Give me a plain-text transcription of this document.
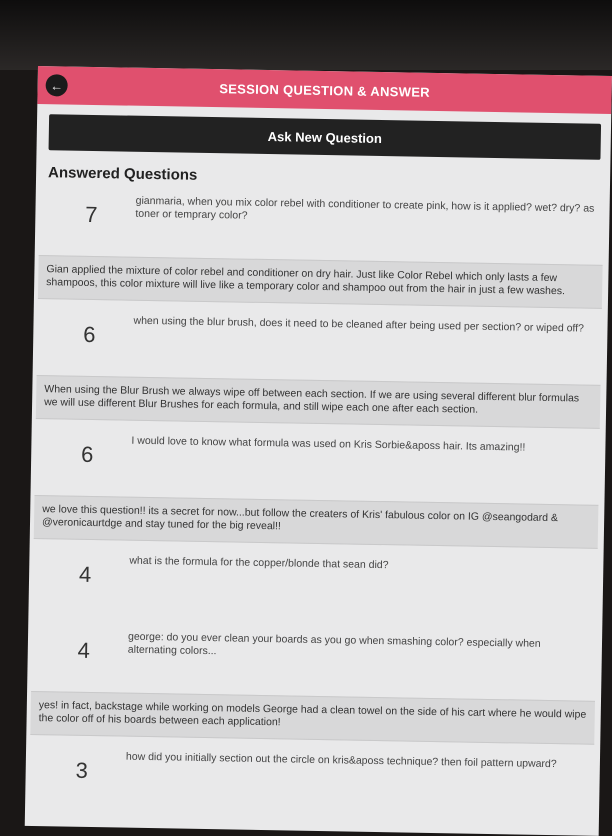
←	SESSION QUESTION & ANSWER
Ask New Question
Answered Questions
7	gianmaria, when you mix color rebel with conditioner to create pink, how is it applied? wet? dry? as toner or temprary color?
Gian applied the mixture of color rebel and conditioner on dry hair. Just like Color Rebel which only lasts a few shampoos, this color mixture will live like a temporary color and shampoo out from the hair in just a few washes.
6	when using the blur brush, does it need to be cleaned after being used per section? or wiped off?
When using the Blur Brush we always wipe off between each section. If we are using several different blur formulas we will use different Blur Brushes for each formula, and still wipe each one after each section.
6	I would love to know what formula was used on Kris Sorbie&aposs hair. Its amazing!!
we love this question!! its a secret for now...but follow the creaters of Kris' fabulous color on IG @seangodard & @veronicaurtdge and stay tuned for the big reveal!!
4	what is the formula for the copper/blonde that sean did?
4	george: do you ever clean your boards as you go when smashing color? especially when alternating colors...
yes! in fact, backstage while working on models George had a clean towel on the side of his cart where he would wipe the color off of his boards between each application!
3	how did you initially section out the circle on kris&aposs technique? then foil pattern upward?
